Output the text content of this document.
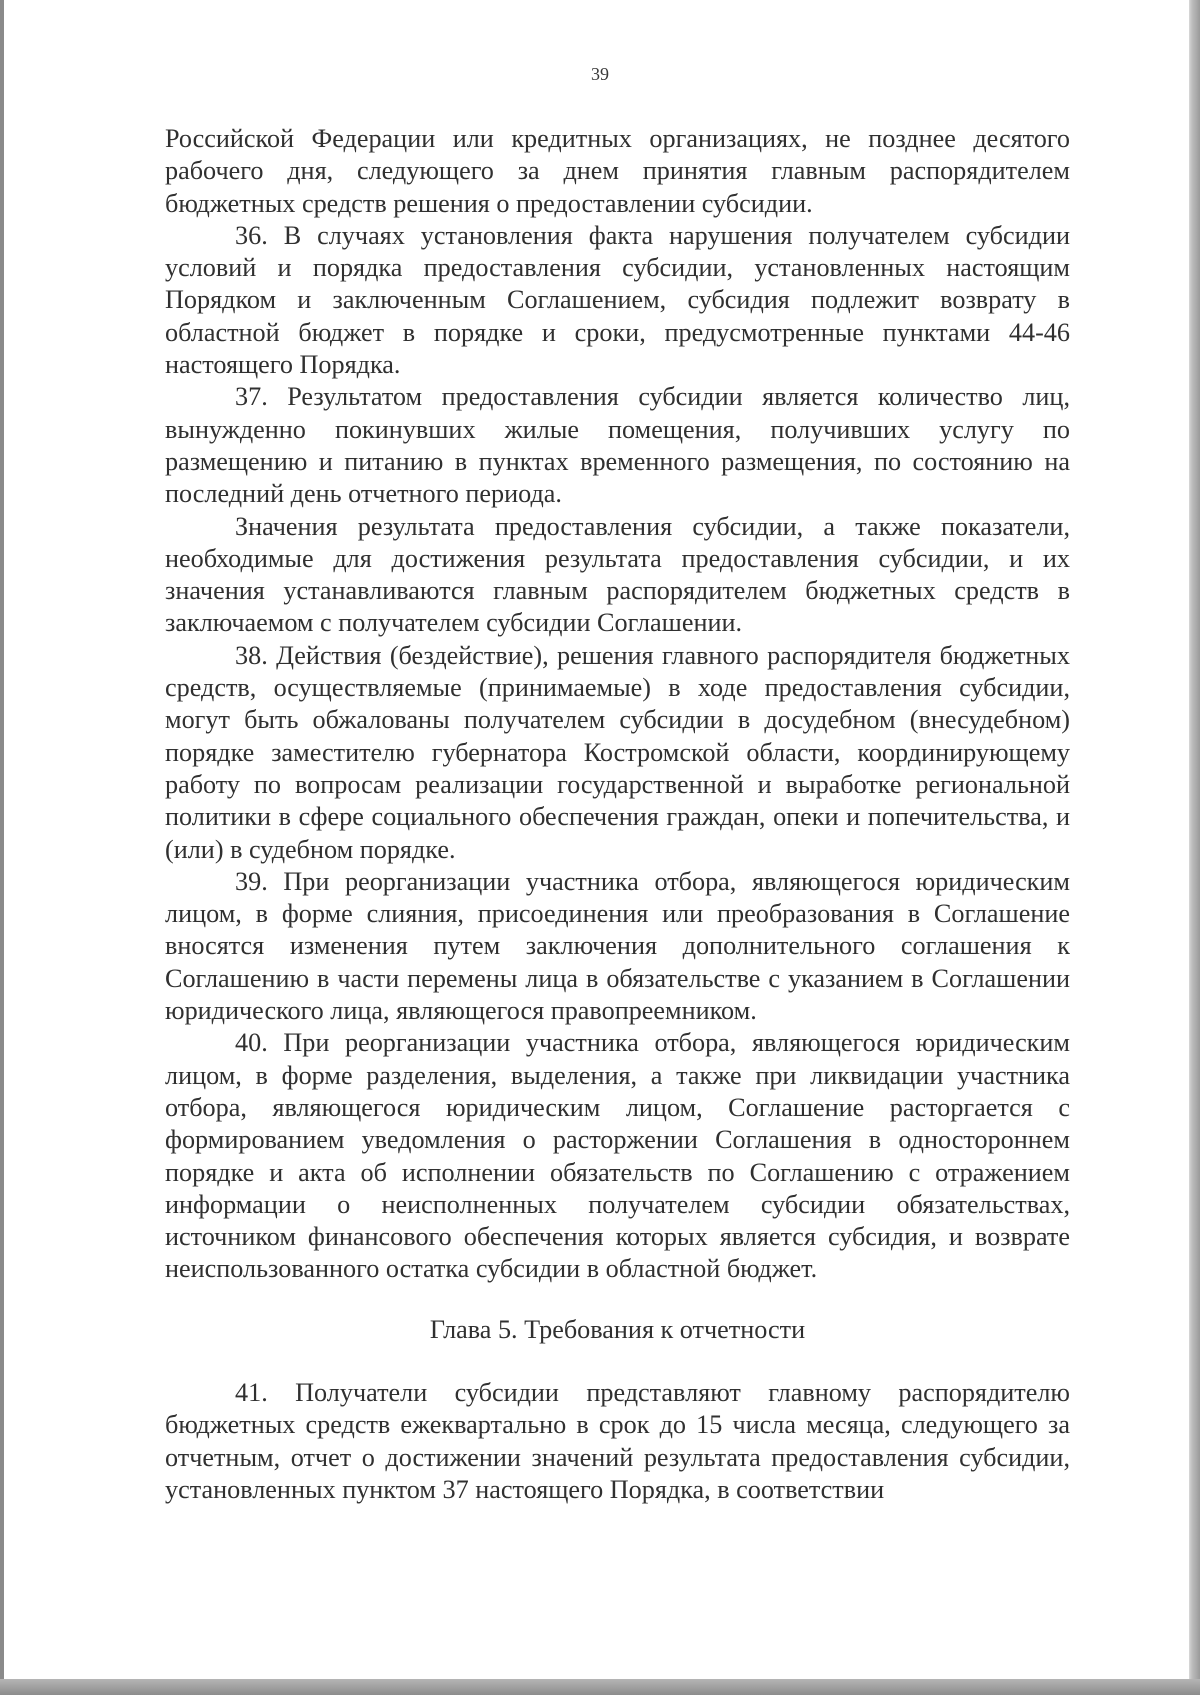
39

Российской Федерации или кредитных организациях, не позднее десятого рабочего дня, следующего за днем принятия главным распорядителем бюджетных средств решения о предоставлении субсидии.

36. В случаях установления факта нарушения получателем субсидии условий и порядка предоставления субсидии, установленных настоящим Порядком и заключенным Соглашением, субсидия подлежит возврату в областной бюджет в порядке и сроки, предусмотренные пунктами 44-46 настоящего Порядка.

37. Результатом предоставления субсидии является количество лиц, вынужденно покинувших жилые помещения, получивших услугу по размещению и питанию в пунктах временного размещения, по состоянию на последний день отчетного периода.

Значения результата предоставления субсидии, а также показатели, необходимые для достижения результата предоставления субсидии, и их значения устанавливаются главным распорядителем бюджетных средств в заключаемом с получателем субсидии Соглашении.

38. Действия (бездействие), решения главного распорядителя бюджетных средств, осуществляемые (принимаемые) в ходе предоставления субсидии, могут быть обжалованы получателем субсидии в досудебном (внесудебном) порядке заместителю губернатора Костромской области, координирующему работу по вопросам реализации государственной и выработке региональной политики в сфере социального обеспечения граждан, опеки и попечительства, и (или) в судебном порядке.

39. При реорганизации участника отбора, являющегося юридическим лицом, в форме слияния, присоединения или преобразования в Соглашение вносятся изменения путем заключения дополнительного соглашения к Соглашению в части перемены лица в обязательстве с указанием в Соглашении юридического лица, являющегося правопреемником.

40. При реорганизации участника отбора, являющегося юридическим лицом, в форме разделения, выделения, а также при ликвидации участника отбора, являющегося юридическим лицом, Соглашение расторгается с формированием уведомления о расторжении Соглашения в одностороннем порядке и акта об исполнении обязательств по Соглашению с отражением информации о неисполненных получателем субсидии обязательствах, источником финансового обеспечения которых является субсидия, и возврате неиспользованного остатка субсидии в областной бюджет.

Глава 5. Требования к отчетности

41. Получатели субсидии представляют главному распорядителю бюджетных средств ежеквартально в срок до 15 числа месяца, следующего за отчетным, отчет о достижении значений результата предоставления субсидии, установленных пунктом 37 настоящего Порядка, в соответствии
